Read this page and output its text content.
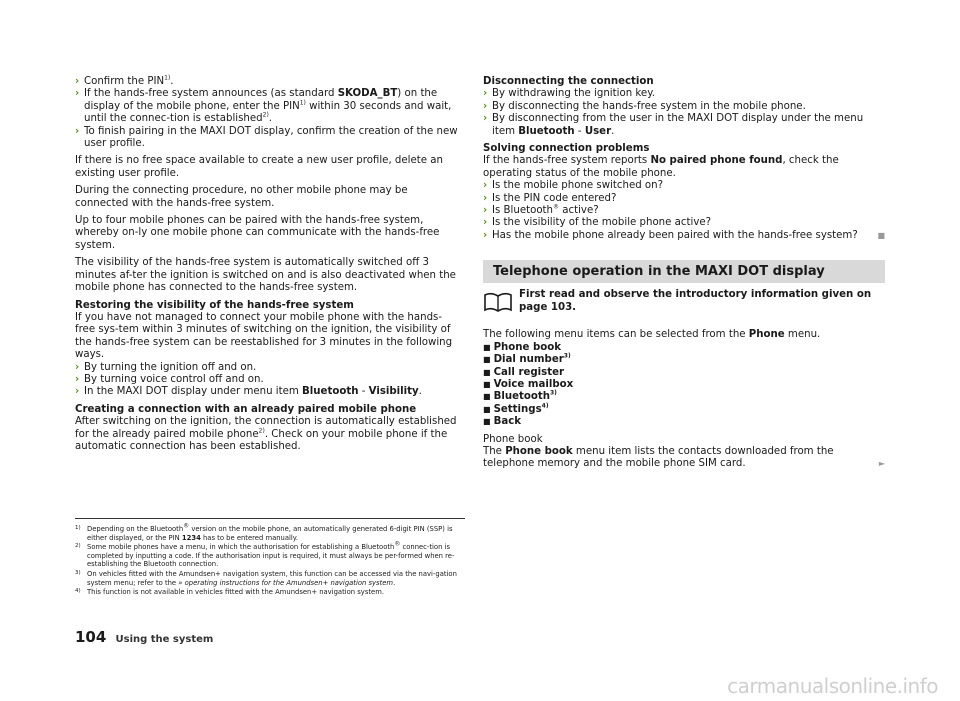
› Confirm the PIN$^{1)}$.
› If the hands-free system announces (as standard SKODA_BT) on the display of the mobile phone, enter the PIN$^{1)}$ within 30 seconds and wait, until the connec-tion is established$^{2)}$.

› To finish pairing in the MAXI DOT display, confirm the creation of the new user profile.

If there is no free space available to create a new user profile, delete an existing user profile.

During the connecting procedure, no other mobile phone may be connected with the hands-free system.

Up to four mobile phones can be paired with the hands-free system, whereby on-ly one mobile phone can communicate with the hands-free system.

The visibility of the hands-free system is automatically switched off 3 minutes af-ter the ignition is switched on and is also deactivated when the mobile phone has connected to the hands-free system.

Restoring the visibility of the hands-free system
If you have not managed to connect your mobile phone with the hands-free sys-tem within 3 minutes of switching on the ignition, the visibility of the hands-free system can be reestablished for 3 minutes in the following ways.
› By turning the ignition off and on.
› By turning voice control off and on.

› In the MAXI DOT display under menu item Bluetooth - Visibility.

Creating a connection with an already paired mobile phone
After switching on the ignition, the connection is automatically established for the already paired mobile phone$^{2)}$. Check on your mobile phone if the automatic connection has been established.
Disconnecting the connection
› By withdrawing the ignition key.
› By disconnecting the hands-free system in the mobile phone.

› By disconnecting from the user in the MAXI DOT display under the menu item Bluetooth - User.

Solving connection problems
If the hands-free system reports No paired phone found, check the operating status of the mobile phone.
› Is the mobile phone switched on?
› Is the PIN code entered?
› Is Bluetooth® active?
› Is the visibility of the mobile phone active?
› Has the mobile phone already been paired with the hands-free system? ■
Telephone operation in the MAXI DOT display
First read and observe the introductory information given on page 103.
The following menu items can be selected from the Phone menu.
■ Phone book
■ Dial number$^{3)}$
■ Call register
■ Voice mailbox
■ Bluetooth$^{3)}$
■ Settings$^{4)}$

■ Back

Phone book
The Phone book menu item lists the contacts downloaded from the telephone memory and the mobile phone SIM card.	►
1) Depending on the Bluetooth® version on the mobile phone, an automatically generated 6-digit PIN (SSP) is either displayed, or the PIN 1234 has to be entered manually.
2) Some mobile phones have a menu, in which the authorisation for establishing a Bluetooth® connec-tion is completed by inputting a code. If the authorisation input is required, it must always be per-formed when re-establishing the Bluetooth connection.
3) On vehicles fitted with the Amundsen+ navigation system, this function can be accessed via the navi-gation system menu; refer to the » operating instructions for the Amundsen+ navigation system.
4) This function is not available in vehicles fitted with the Amundsen+ navigation system.
104 Using the system
carmanualsonline.info
